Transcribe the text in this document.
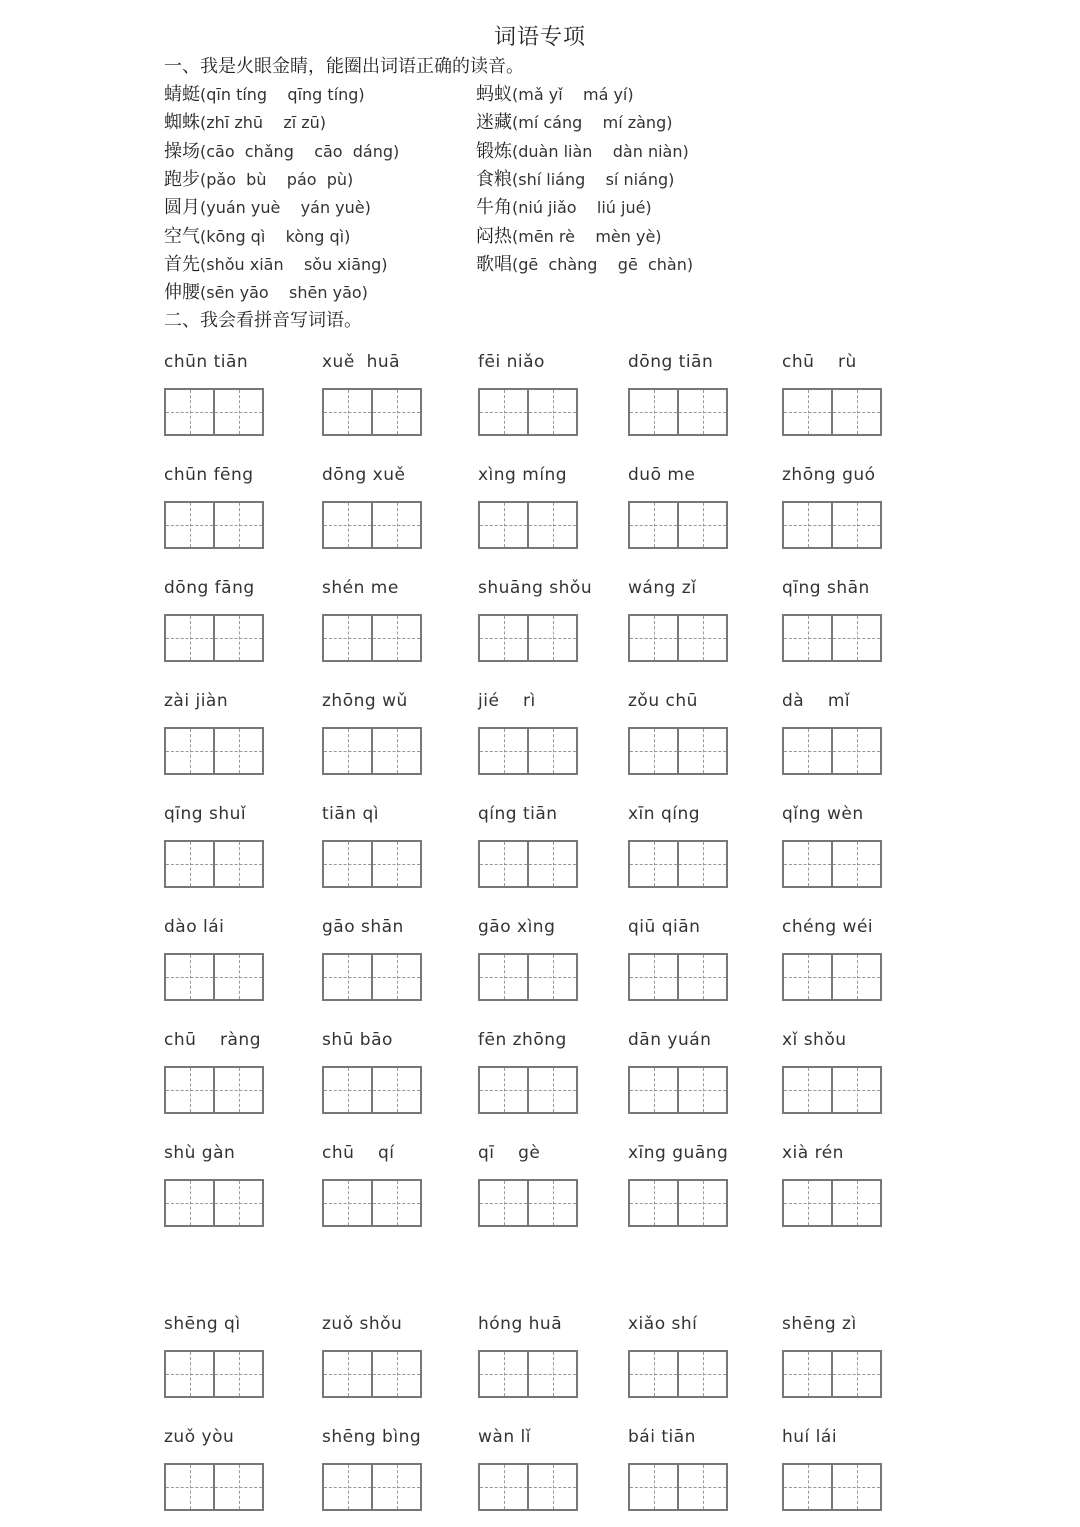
词语专项
一、我是火眼金睛，能圈出词语正确的读音。
蜻蜓(qīn tíng    qīng tíng)	蚂蚁(mǎ yǐ    má yí)
蜘蛛(zhī zhū    zī zū)	迷藏(mí cáng    mí zàng)
操场(cāo  chǎng    cāo  dáng)	锻炼(duàn liàn    dàn niàn)
跑步(pǎo  bù    páo  pù)	食粮(shí liáng    sí niáng)
圆月(yuán yuè    yán yuè)	牛角(niú jiǎo    liú jué)
空气(kōng qì    kòng qì)	闷热(mēn rè    mèn yè)
首先(shǒu xiān    sǒu xiāng)	歌唱(gē  chàng    gē  chàn)
伸腰(sēn yāo    shēn yāo)
二、我会看拼音写词语。
chūn tiān	xuě  huā	fēi niǎo	dōng tiān	chū    rù
chūn fēng	dōng xuě	xìng míng	duō me	zhōng guó
dōng fāng	shén me	shuāng shǒu	wáng zǐ	qīng shān
zài jiàn	zhōng wǔ	jié    rì	zǒu chū	dà    mǐ
qīng shuǐ	tiān qì	qíng tiān	xīn qíng	qǐng wèn
dào lái	gāo shān	gāo xìng	qiū qiān	chéng wéi
chū    ràng	shū bāo	fēn zhōng	dān yuán	xǐ shǒu
shù gàn	chū    qí	qī    gè	xīng guāng	xià rén
shēng qì	zuǒ shǒu	hóng huā	xiǎo shí	shēng zì
zuǒ yòu	shēng bìng	wàn lǐ	bái tiān	huí lái
